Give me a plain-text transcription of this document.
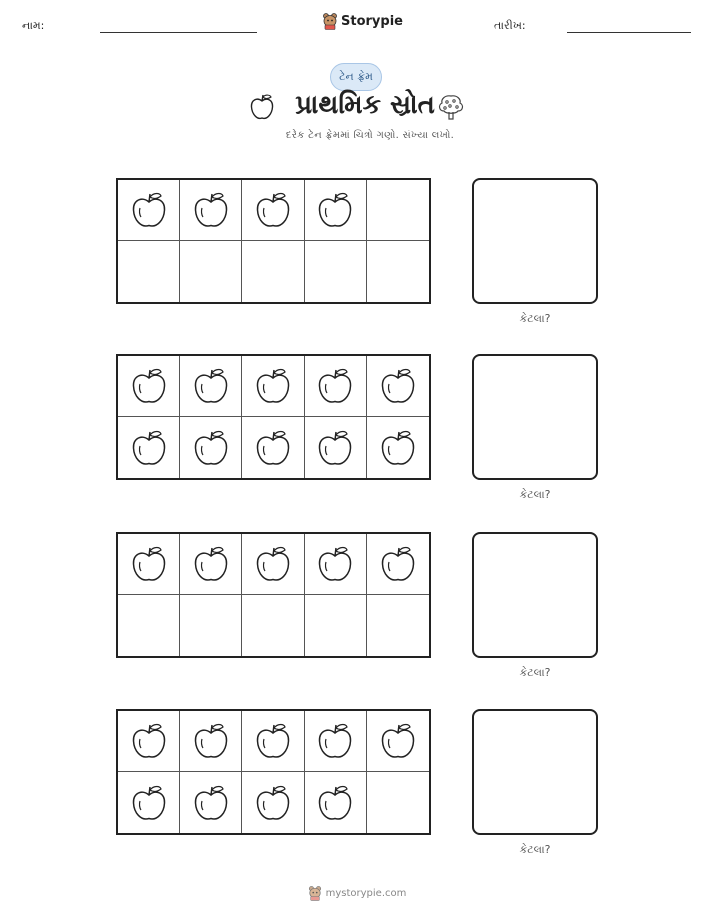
નામ:	Storypie	તારીખ:
ટેન ફ્રેમ
પ્રાથમિક સ્રોત
દરેક ટેન ફ્રેમમાં ચિત્રો ગણો. સંખ્યા લખો.
કેટલા?
કેટલા?
કેટલા?
કેટલા?
mystorypie.com
